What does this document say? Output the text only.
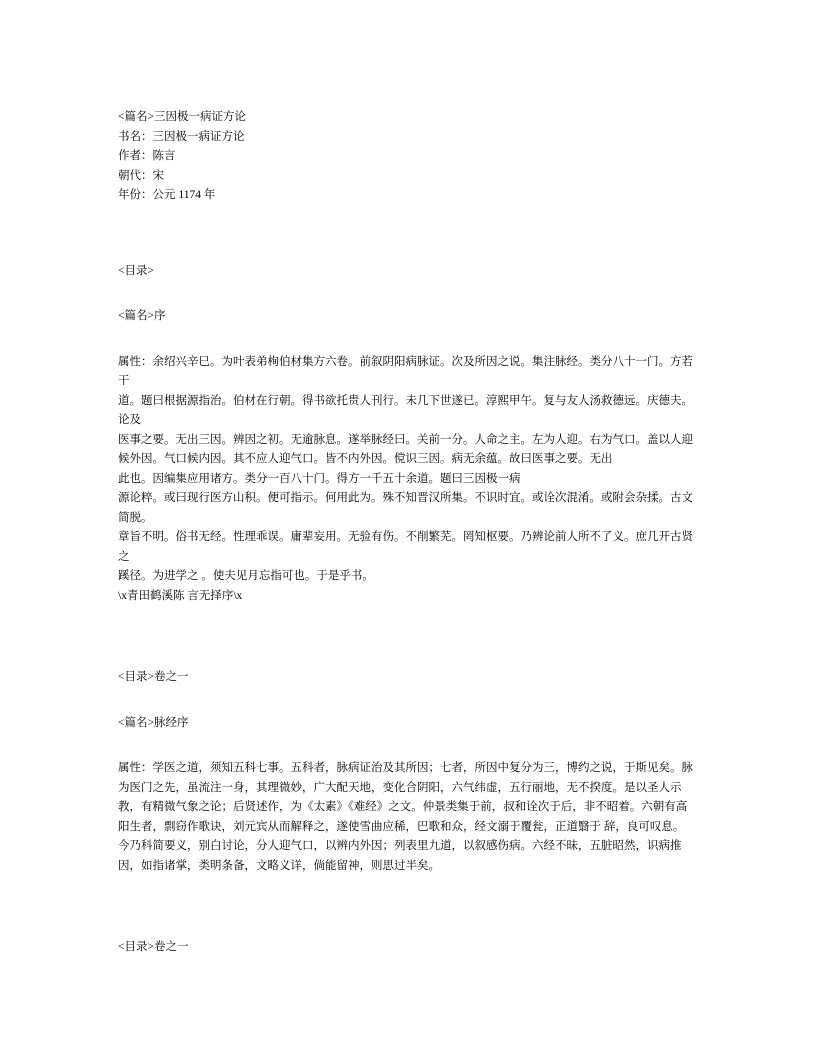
<篇名>三因极一病证方论

书名：三因极一病证方论

作者：陈言

朝代：宋

年份：公元 1174 年

<目录>

<篇名>序

属性：余绍兴辛巳。为叶表弟栒伯材集方六卷。前叙阴阳病脉证。次及所因之说。集注脉经。类分八十一门。方若干

道。题曰根据源指治。伯材在行朝。得书欲托贵人刊行。未几下世遂已。淳熙甲午。复与友人汤救德远。庆德夫。论及

医事之要。无出三因。辨因之初。无逾脉息。遂举脉经曰。关前一分。人命之主。左为人迎。右为气口。盖以人迎

候外因。气口候内因。其不应人迎气口。皆不内外因。傥识三因。病无余蕴。故曰医事之要。无出

此也。因编集应用诸方。类分一百八十门。得方一千五十余道。题曰三因极一病

源论粹。或曰现行医方山积。便可指示。何用此为。殊不知晋汉所集。不识时宜。或诠次混淆。或附会杂揉。古文简脱。

章旨不明。俗书无经。性理乖误。庸辈妄用。无验有伤。不削繁芜。罔知枢要。乃辨论前人所不了义。庶几开古贤之

蹊径。为进学之 。使夫见月忘指可也。于是乎书。

\x青田鹤溪陈 言无择序\x

<目录>卷之一

<篇名>脉经序

属性：学医之道，须知五科七事。五科者，脉病证治及其所因；七者，所因中复分为三，博约之说，于斯见矣。脉为医门之先，虽流注一身，其理微妙，广大配天地，变化合阴阳，六气纬虚，五行丽地，无不揆度。是以圣人示教，有精微气象之论；后贤述作，为《太素》《难经》之文。仲景类集于前，叔和诠次于后，非不昭着。六朝有高阳生者，剽窃作歌诀，刘元宾从而解释之，遂使雪曲应稀，巴歌和众，经文溺于覆瓮，正道翳于 辞，良可叹息。

今乃科简要义，别白讨论，分人迎气口，以辨内外因；列表里九道，以叙感伤病。六经不昧，五脏昭然，识病推因，如指诸掌，类明条备，文略义详，倘能留神，则思过半矣。

<目录>卷之一
